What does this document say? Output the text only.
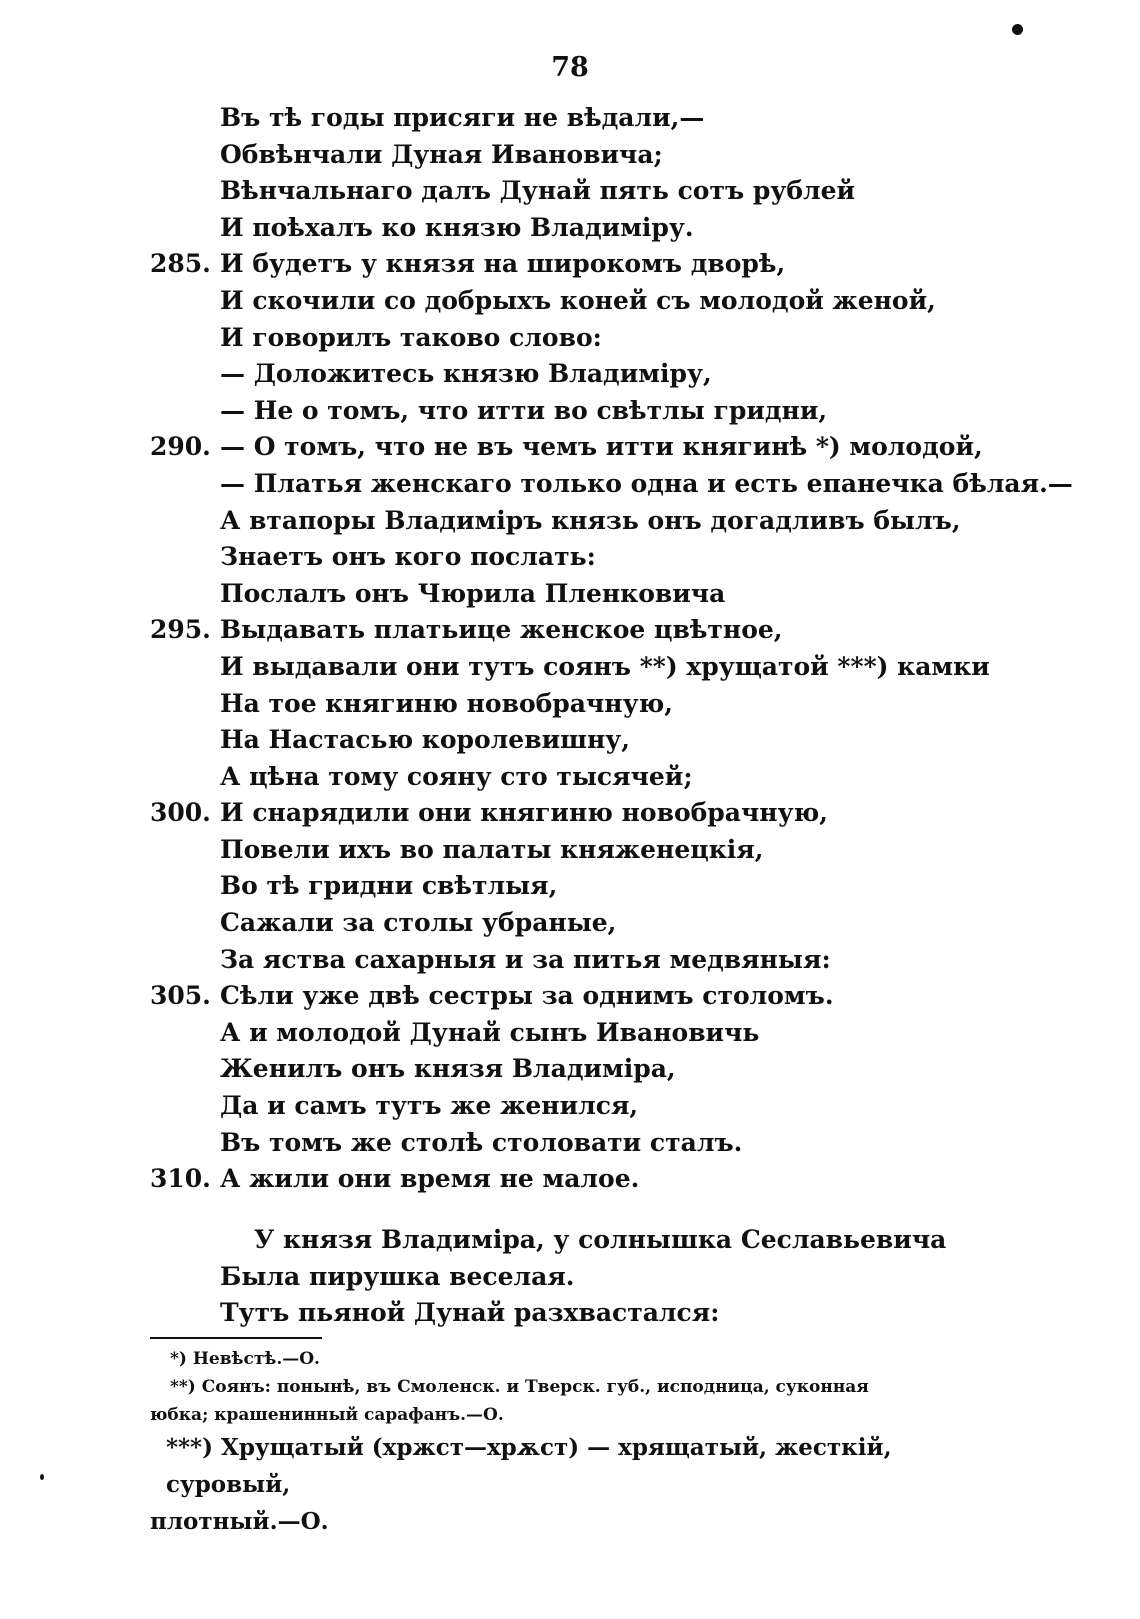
78
Въ тѣ годы присяги не вѣдали,—
Обвѣнчали Дуная Ивановича;
Вѣнчальнаго далъ Дунай пять сотъ рублей
И поѣхалъ ко князю Владиміру.
285. И будетъ у князя на широкомъ дворѣ,
И скочили со добрыхъ коней съ молодой женой,
И говорилъ таково слово:
— Доложитесь князю Владиміру,
— Не о томъ, что итти во свѣтлы гридни,
290. — О томъ, что не въ чемъ итти княгинѣ *) молодой,
— Платья женскаго только одна и есть епанечка бѣлая.—
А втапоры Владиміръ князь онъ догадливъ былъ,
Знаетъ онъ кого послать:
Послалъ онъ Чюрила Пленковича
295. Выдавать платьице женское цвѣтное,
И выдавали они тутъ соянъ **) хрущатой ***) камки
На тое княгиню новобрачную,
На Настасью королевишну,
А цѣна тому сояну сто тысячей;
300. И снарядили они княгиню новобрачную,
Повели ихъ во палаты княженецкія,
Во тѣ гридни свѣтлыя,
Сажали за столы убраные,
За яства сахарныя и за питья медвяныя:
305. Сѣли уже двѣ сестры за однимъ столомъ.
А и молодой Дунай сынъ Ивановичь
Женилъ онъ князя Владиміра,
Да и самъ тутъ же женился,
Въ томъ же столѣ столовати сталъ.
310. А жили они время не малое.
У князя Владиміра, у солнышка Сеславьевича
Была пирушка веселая.
Тутъ пьяной Дунай разхвастался:
*) Невѣстѣ.—О.
**) Соянъ: понынѣ, въ Смоленск. и Тверск. губ., исподница, суконная
юбка; крашенинный сарафанъ.—О.
***) Хрущатый (хржст—хрѫст) — хрящатый, жесткій, суровый,
плотный.—О.
